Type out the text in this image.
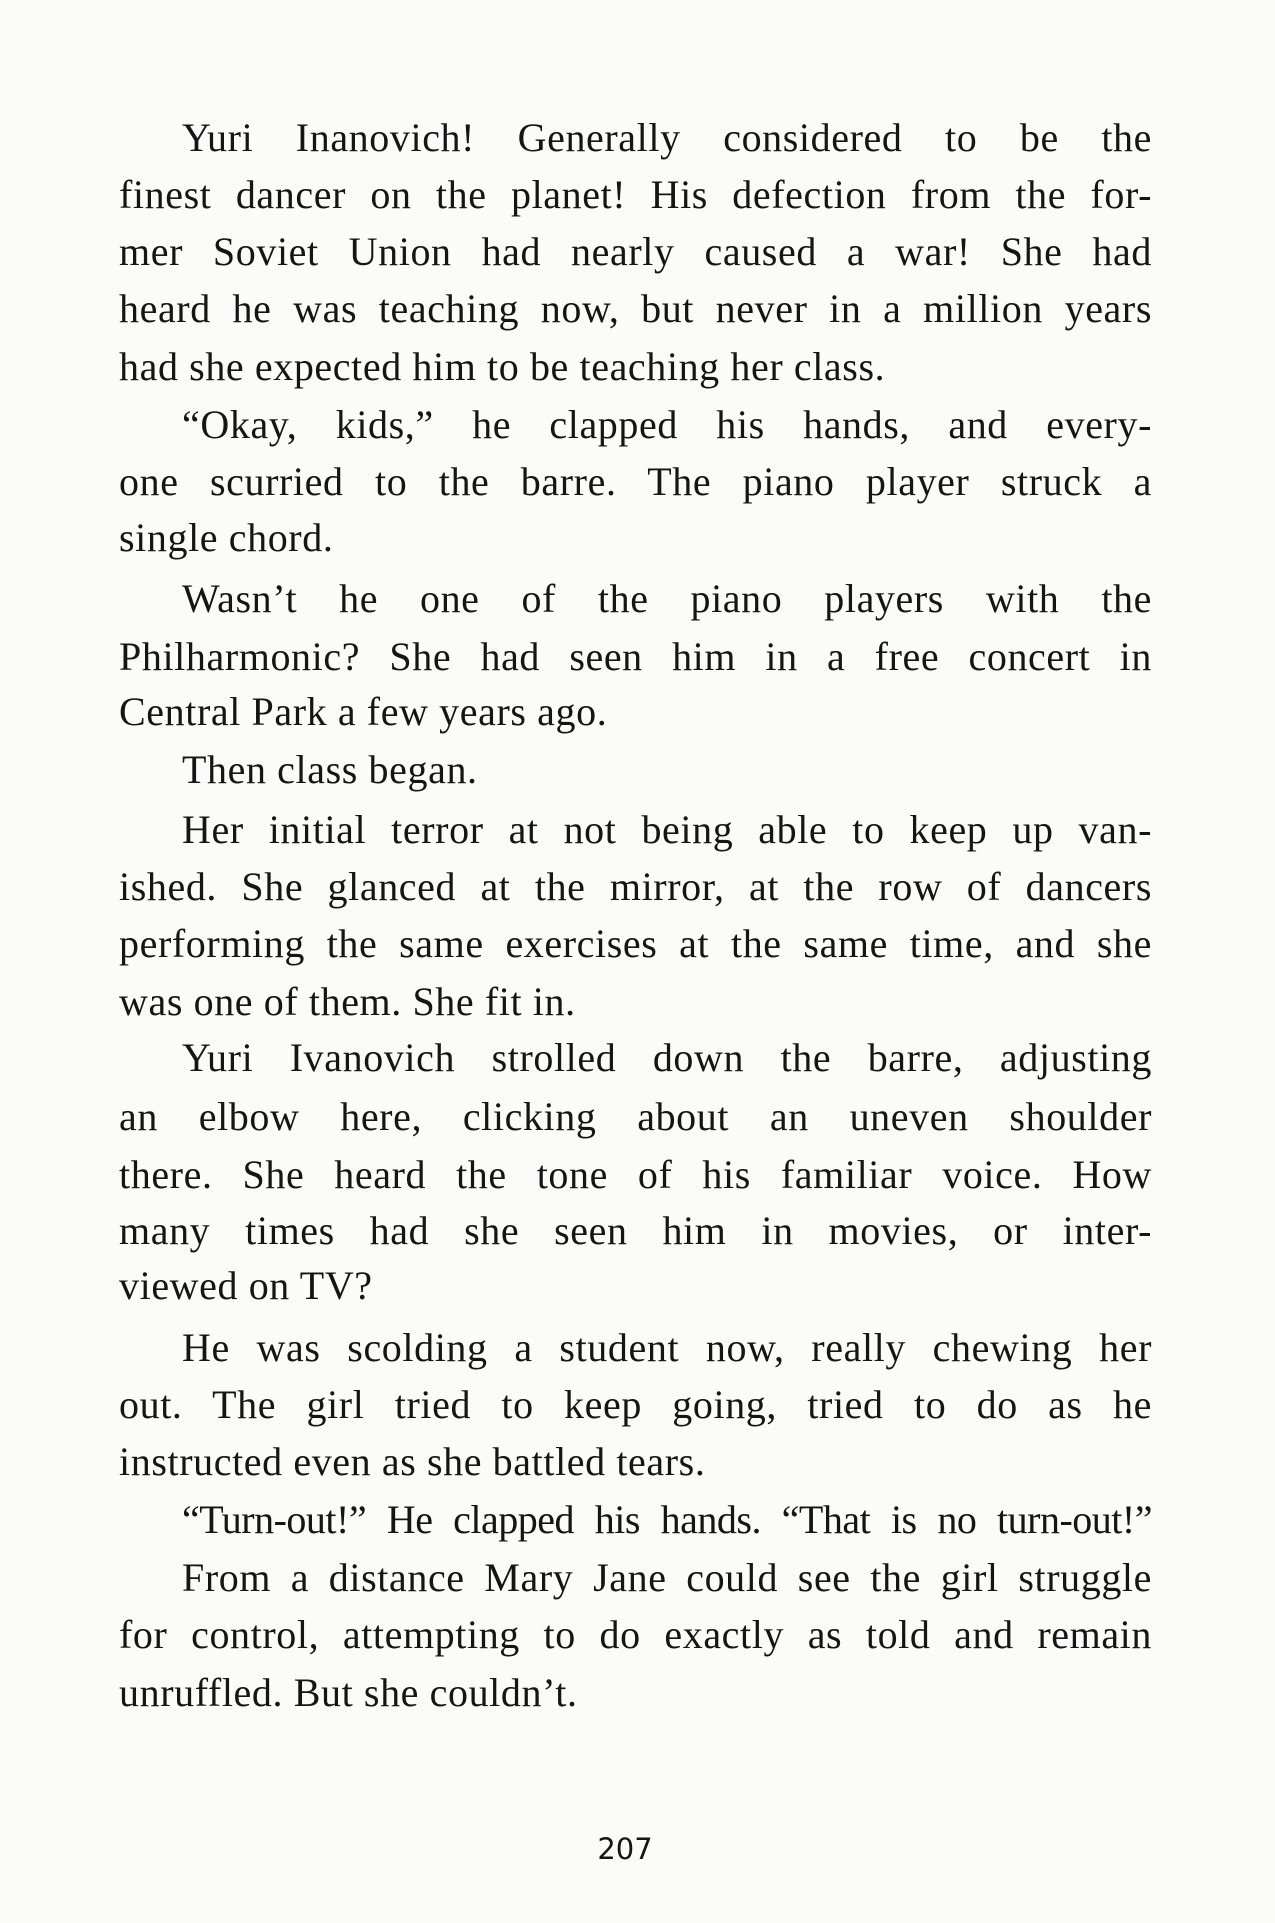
Yuri Inanovich! Generally considered to be the
finest dancer on the planet! His defection from the for-
mer Soviet Union had nearly caused a war! She had
heard he was teaching now, but never in a million years
had she expected him to be teaching her class.
“Okay, kids,” he clapped his hands, and every-
one scurried to the barre. The piano player struck a
single chord.
Wasn’t he one of the piano players with the
Philharmonic? She had seen him in a free concert in
Central Park a few years ago.
Then class began.
Her initial terror at not being able to keep up van-
ished. She glanced at the mirror, at the row of dancers
performing the same exercises at the same time, and she
was one of them. She fit in.
Yuri Ivanovich strolled down the barre, adjusting
an elbow here, clicking about an uneven shoulder
there. She heard the tone of his familiar voice. How
many times had she seen him in movies, or inter-
viewed on TV?
He was scolding a student now, really chewing her
out. The girl tried to keep going, tried to do as he
instructed even as she battled tears.
“Turn-out!” He clapped his hands. “That is no turn-out!”
From a distance Mary Jane could see the girl struggle
for control, attempting to do exactly as told and remain
unruffled. But she couldn’t.
207
